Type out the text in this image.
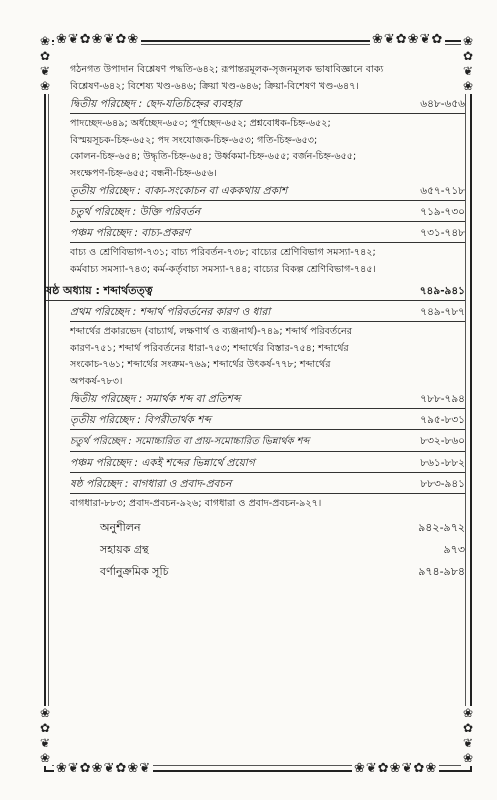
❀❦✿❀❦✿❀	❀❦✿❀❦✿
❀❦✿❀❦✿❀❦	❀❦✿❀❦✿❀
❀
✿
❦
❀
❀
✿
❦
❀
❀
✿
❦
❀
❀
✿
❦
❀

গঠনগত উপাদান বিশ্লেষণ পদ্ধতি-৬৪২; রূপান্তরমূলক-সৃজনমূলক ভাষাবিজ্ঞানে বাক্য

বিশ্লেষণ-৬৪২; বিশেষ্য খণ্ড-৬৪৬; ক্রিয়া খণ্ড-৬৪৬; ক্রিয়া-বিশেষণ খণ্ড-৬৪৭।

দ্বিতীয় পরিচ্ছেদ : ছেদ-যতিচিহ্নের ব্যবহার	৬৪৮-৬৫৬

পাদচ্ছেদ-৬৪৯; অর্ধচ্ছেদ-৬৫০; পূর্ণচ্ছেদ-৬৫২; প্রশ্নবোধক-চিহ্ন-৬৫২;

বিস্ময়সূচক-চিহ্ন-৬৫২; পদ সংযোজক-চিহ্ন-৬৫৩; গতি-চিহ্ন-৬৫৩;

কোলন-চিহ্ন-৬৫৪; উদ্ধৃতি-চিহ্ন-৬৫৪; উর্ধ্বকমা-চিহ্ন-৬৫৫; বর্জন-চিহ্ন-৬৫৫;

সংক্ষেপণ-চিহ্ন-৬৫৫; বন্ধনী-চিহ্ন-৬৫৬।

তৃতীয় পরিচ্ছেদ : বাক্য-সংকোচন বা এককথায় প্রকাশ	৬৫৭-৭১৮
চতুর্থ পরিচ্ছেদ : উক্তি পরিবর্তন	৭১৯-৭৩০
পঞ্চম পরিচ্ছেদ : বাচ্য-প্রকরণ	৭৩১-৭৪৮

বাচ্য ও শ্রেণিবিভাগ-৭৩১; বাচ্য পরিবর্তন-৭৩৮; বাচ্যের শ্রেণিবিভাগ সমস্যা-৭৪২;

কর্মবাচ্য সমস্যা-৭৪৩; কর্ম-কর্তৃবাচ্য সমস্যা-৭৪৪; বাচ্যের বিকল্প শ্রেণিবিভাগ-৭৪৫।

ষষ্ঠ অধ্যায় : শব্দার্থতত্ত্ব	৭৪৯-৯৪১
প্রথম পরিচ্ছেদ : শব্দার্থ পরিবর্তনের কারণ ও ধারা	৭৪৯-৭৮৭

শব্দার্থের প্রকারভেদ (বাচ্যার্থ, লক্ষণার্থ ও ব্যঞ্জনার্থ)-৭৪৯; শব্দার্থ পরিবর্তনের

কারণ-৭৫১; শব্দার্থ পরিবর্তনের ধারা-৭৫৩; শব্দার্থের বিস্তার-৭৫৪; শব্দার্থের

সংকোচ-৭৬১; শব্দার্থের সংক্রম-৭৬৯; শব্দার্থের উৎকর্ষ-৭৭৮; শব্দার্থের

অপকর্ষ-৭৮৩।

দ্বিতীয় পরিচ্ছেদ : সমার্থক শব্দ বা প্রতিশব্দ	৭৮৮-৭৯৪
তৃতীয় পরিচ্ছেদ : বিপরীতার্থক শব্দ	৭৯৫-৮৩১
চতুর্থ পরিচ্ছেদ : সমোচ্চারিত বা প্রায়-সমোচ্চারিত ভিন্নার্থক শব্দ	৮৩২-৮৬০
পঞ্চম পরিচ্ছেদ : একই শব্দের ভিন্নার্থে প্রয়োগ	৮৬১-৮৮২
ষষ্ঠ পরিচ্ছেদ : বাগধারা ও প্রবাদ-প্রবচন	৮৮৩-৯৪১

বাগধারা-৮৮৩; প্রবাদ-প্রবচন-৯২৬; বাগধারা ও প্রবাদ-প্রবচন-৯২৭।

অনুশীলন	৯৪২-৯৭২
সহায়ক গ্রন্থ	৯৭৩
বর্ণানুক্রমিক সূচি	৯৭৪-৯৮৪
